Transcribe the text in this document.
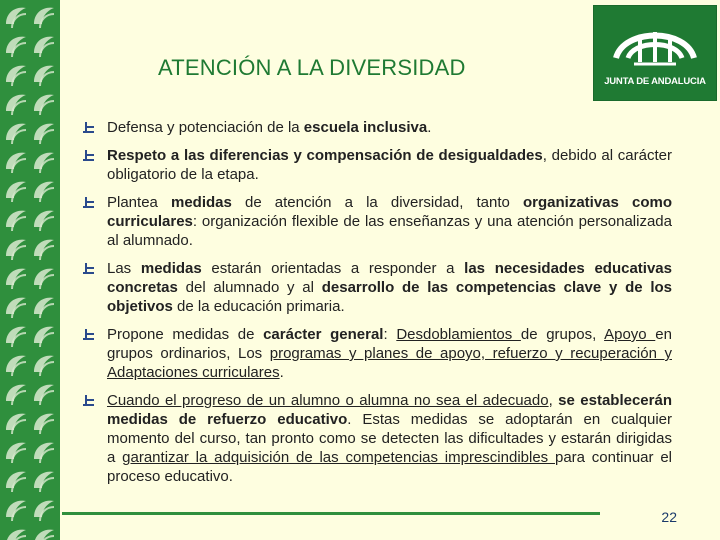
ATENCIÓN A LA DIVERSIDAD
JUNTA DE ANDALUCIA
Defensa y potenciación de la escuela inclusiva.
Respeto a las diferencias y compensación de desigualdades, debido al carácter obligatorio de la etapa.
Plantea medidas de atención a la diversidad, tanto organizativas como curriculares: organización flexible de las enseñanzas y una atención personalizada al alumnado.
Las medidas estarán orientadas a responder a las necesidades educativas concretas del alumnado y al desarrollo de las competencias clave y de los objetivos de la educación primaria.
Propone medidas de carácter general: Desdoblamientos de grupos, Apoyo en grupos ordinarios, Los programas y planes de apoyo, refuerzo y recuperación y Adaptaciones curriculares.
Cuando el progreso de un alumno o alumna no sea el adecuado, se establecerán medidas de refuerzo educativo. Estas medidas se adoptarán en cualquier momento del curso, tan pronto como se detecten las dificultades y estarán dirigidas a garantizar la adquisición de las competencias imprescindibles para continuar el proceso educativo.
22
